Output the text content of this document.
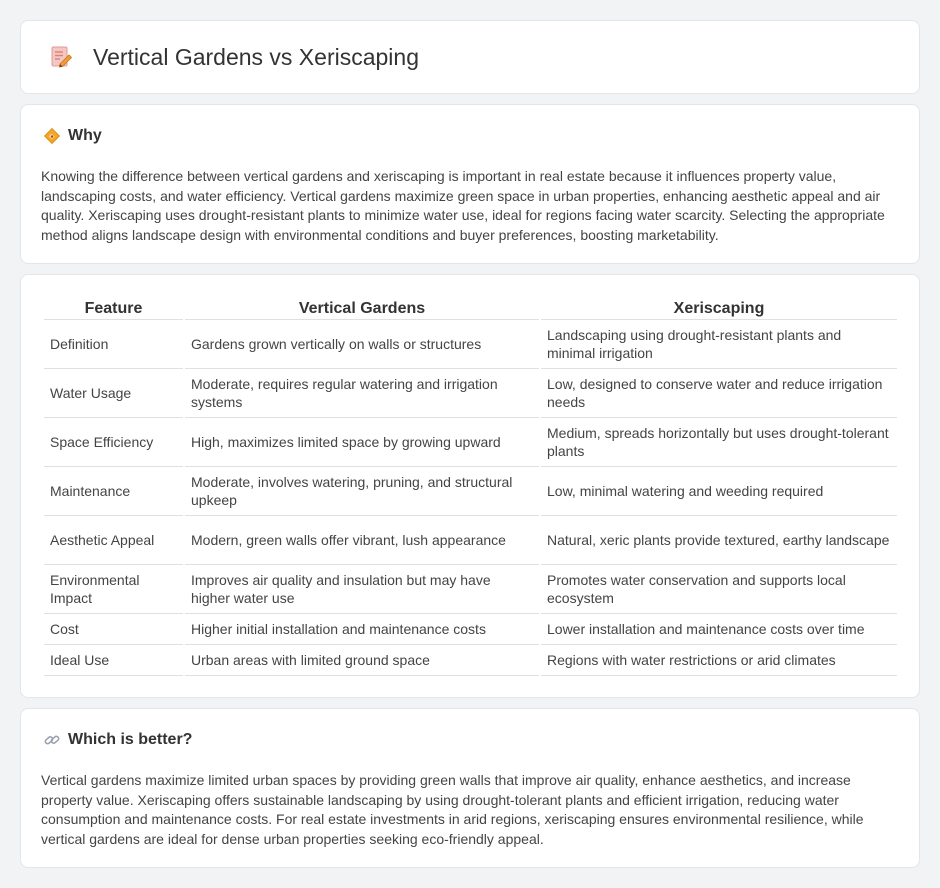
Vertical Gardens vs Xeriscaping
Why

Knowing the difference between vertical gardens and xeriscaping is important in real estate because it influences property value, landscaping costs, and water efficiency. Vertical gardens maximize green space in urban properties, enhancing aesthetic appeal and air quality. Xeriscaping uses drought-resistant plants to minimize water use, ideal for regions facing water scarcity. Selecting the appropriate method aligns landscape design with environmental conditions and buyer preferences, boosting marketability.

Feature	Vertical Gardens	Xeriscaping
Definition	Gardens grown vertically on walls or structures	Landscaping using drought-resistant plants and minimal irrigation
Water Usage	Moderate, requires regular watering and irrigation systems	Low, designed to conserve water and reduce irrigation needs
Space Efficiency	High, maximizes limited space by growing upward	Medium, spreads horizontally but uses drought-tolerant plants
Maintenance	Moderate, involves watering, pruning, and structural upkeep	Low, minimal watering and weeding required
Aesthetic Appeal	Modern, green walls offer vibrant, lush appearance	Natural, xeric plants provide textured, earthy landscape
Environmental Impact	Improves air quality and insulation but may have higher water use	Promotes water conservation and supports local ecosystem
Cost	Higher initial installation and maintenance costs	Lower installation and maintenance costs over time
Ideal Use	Urban areas with limited ground space	Regions with water restrictions or arid climates
Which is better?

Vertical gardens maximize limited urban spaces by providing green walls that improve air quality, enhance aesthetics, and increase property value. Xeriscaping offers sustainable landscaping by using drought-tolerant plants and efficient irrigation, reducing water consumption and maintenance costs. For real estate investments in arid regions, xeriscaping ensures environmental resilience, while vertical gardens are ideal for dense urban properties seeking eco-friendly appeal.
